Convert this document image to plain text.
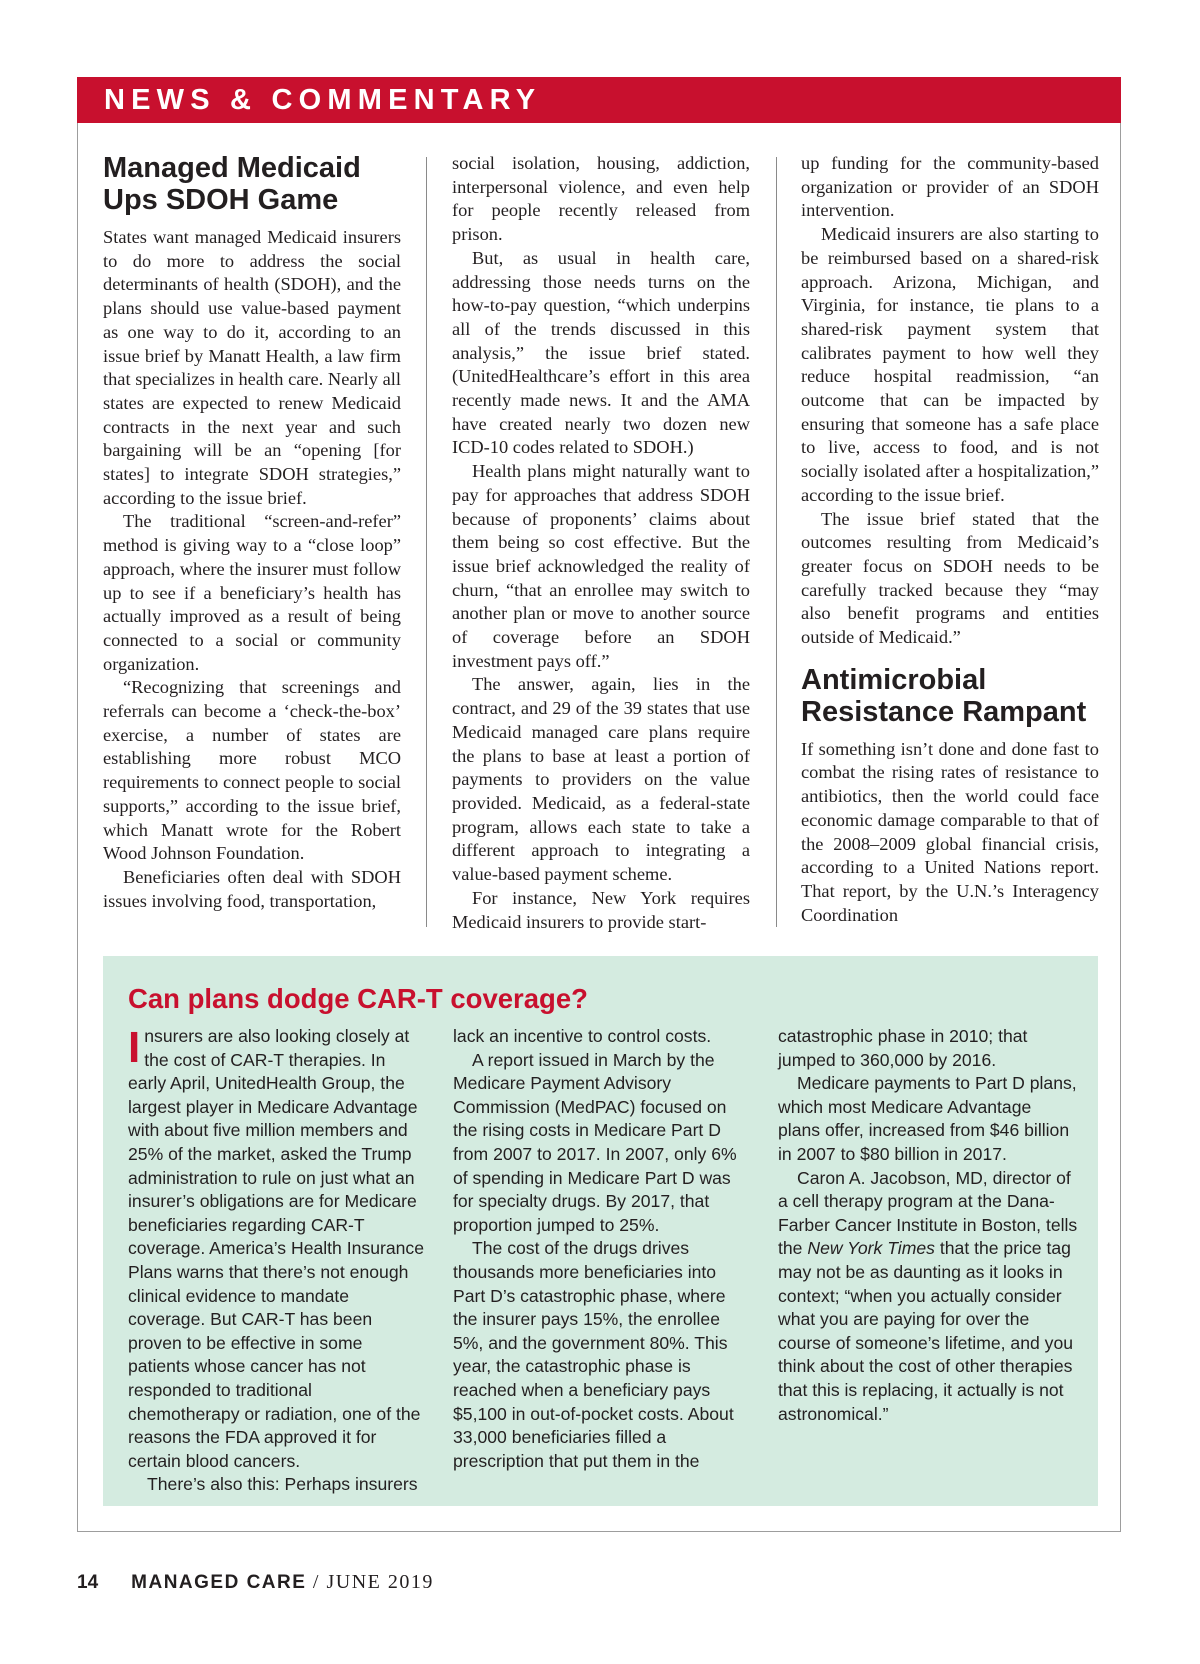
NEWS & COMMENTARY
Managed Medicaid Ups SDOH Game

States want managed Medicaid insurers to do more to address the social determinants of health (SDOH), and the plans should use value-based payment as one way to do it, according to an issue brief by Manatt Health, a law firm that specializes in health care. Nearly all states are expected to renew Medicaid contracts in the next year and such bargaining will be an “opening [for states] to integrate SDOH strategies,” according to the issue brief.

The traditional “screen-and-refer” method is giving way to a “close loop” approach, where the insurer must follow up to see if a beneficiary’s health has actually improved as a result of being connected to a social or community organization.

“Recognizing that screenings and referrals can become a ‘check-the-box’ exercise, a number of states are establishing more robust MCO requirements to connect people to social supports,” according to the issue brief, which Manatt wrote for the Robert Wood Johnson Foundation.

Beneficiaries often deal with SDOH issues involving food, transportation,

social isolation, housing, addiction, interpersonal violence, and even help for people recently released from prison.

But, as usual in health care, addressing those needs turns on the how-to-pay question, “which underpins all of the trends discussed in this analysis,” the issue brief stated. (UnitedHealthcare’s effort in this area recently made news. It and the AMA have created nearly two dozen new ICD-10 codes related to SDOH.)

Health plans might naturally want to pay for approaches that address SDOH because of proponents’ claims about them being so cost effective. But the issue brief acknowledged the reality of churn, “that an enrollee may switch to another plan or move to another source of coverage before an SDOH investment pays off.”

The answer, again, lies in the contract, and 29 of the 39 states that use Medicaid managed care plans require the plans to base at least a portion of payments to providers on the value provided. Medicaid, as a federal-state program, allows each state to take a different approach to integrating a value-based payment scheme.

For instance, New York requires Medicaid insurers to provide start-

up funding for the community-based organization or provider of an SDOH intervention.

Medicaid insurers are also starting to be reimbursed based on a shared-risk approach. Arizona, Michigan, and Virginia, for instance, tie plans to a shared-risk payment system that calibrates payment to how well they reduce hospital readmission, “an outcome that can be impacted by ensuring that someone has a safe place to live, access to food, and is not socially isolated after a hospitalization,” according to the issue brief.

The issue brief stated that the outcomes resulting from Medicaid’s greater focus on SDOH needs to be carefully tracked because they “may also benefit programs and entities outside of Medicaid.”

Antimicrobial Resistance Rampant

If something isn’t done and done fast to combat the rising rates of resistance to antibiotics, then the world could face economic damage comparable to that of the 2008–2009 global financial crisis, according to a United Nations report. That report, by the U.N.’s Interagency Coordination

Can plans dodge CAR-T coverage?

Insurers are also looking closely at the cost of CAR-T therapies. In early April, UnitedHealth Group, the largest player in Medicare Advantage with about five million members and 25% of the market, asked the Trump administration to rule on just what an insurer’s obligations are for Medicare beneficiaries regarding CAR-T coverage. America’s Health Insurance Plans warns that there’s not enough clinical evidence to mandate coverage. But CAR-T has been proven to be effective in some patients whose cancer has not responded to traditional chemotherapy or radiation, one of the reasons the FDA approved it for certain blood cancers.

There’s also this: Perhaps insurers

lack an incentive to control costs.

A report issued in March by the Medicare Payment Advisory Commission (MedPAC) focused on the rising costs in Medicare Part D from 2007 to 2017. In 2007, only 6% of spending in Medicare Part D was for specialty drugs. By 2017, that proportion jumped to 25%.

The cost of the drugs drives thousands more beneficiaries into Part D’s catastrophic phase, where the insurer pays 15%, the enrollee 5%, and the government 80%. This year, the catastrophic phase is reached when a beneficiary pays $5,100 in out-of-pocket costs. About 33,000 beneficiaries filled a prescription that put them in the

catastrophic phase in 2010; that jumped to 360,000 by 2016.

Medicare payments to Part D plans, which most Medicare Advantage plans offer, increased from $46 billion in 2007 to $80 billion in 2017.

Caron A. Jacobson, MD, director of a cell therapy program at the Dana-Farber Cancer Institute in Boston, tells the New York Times that the price tag may not be as daunting as it looks in context; “when you actually consider what you are paying for over the course of someone’s lifetime, and you think about the cost of other therapies that this is replacing, it actually is not astronomical.”

14 MANAGED CARE / JUNE 2019
